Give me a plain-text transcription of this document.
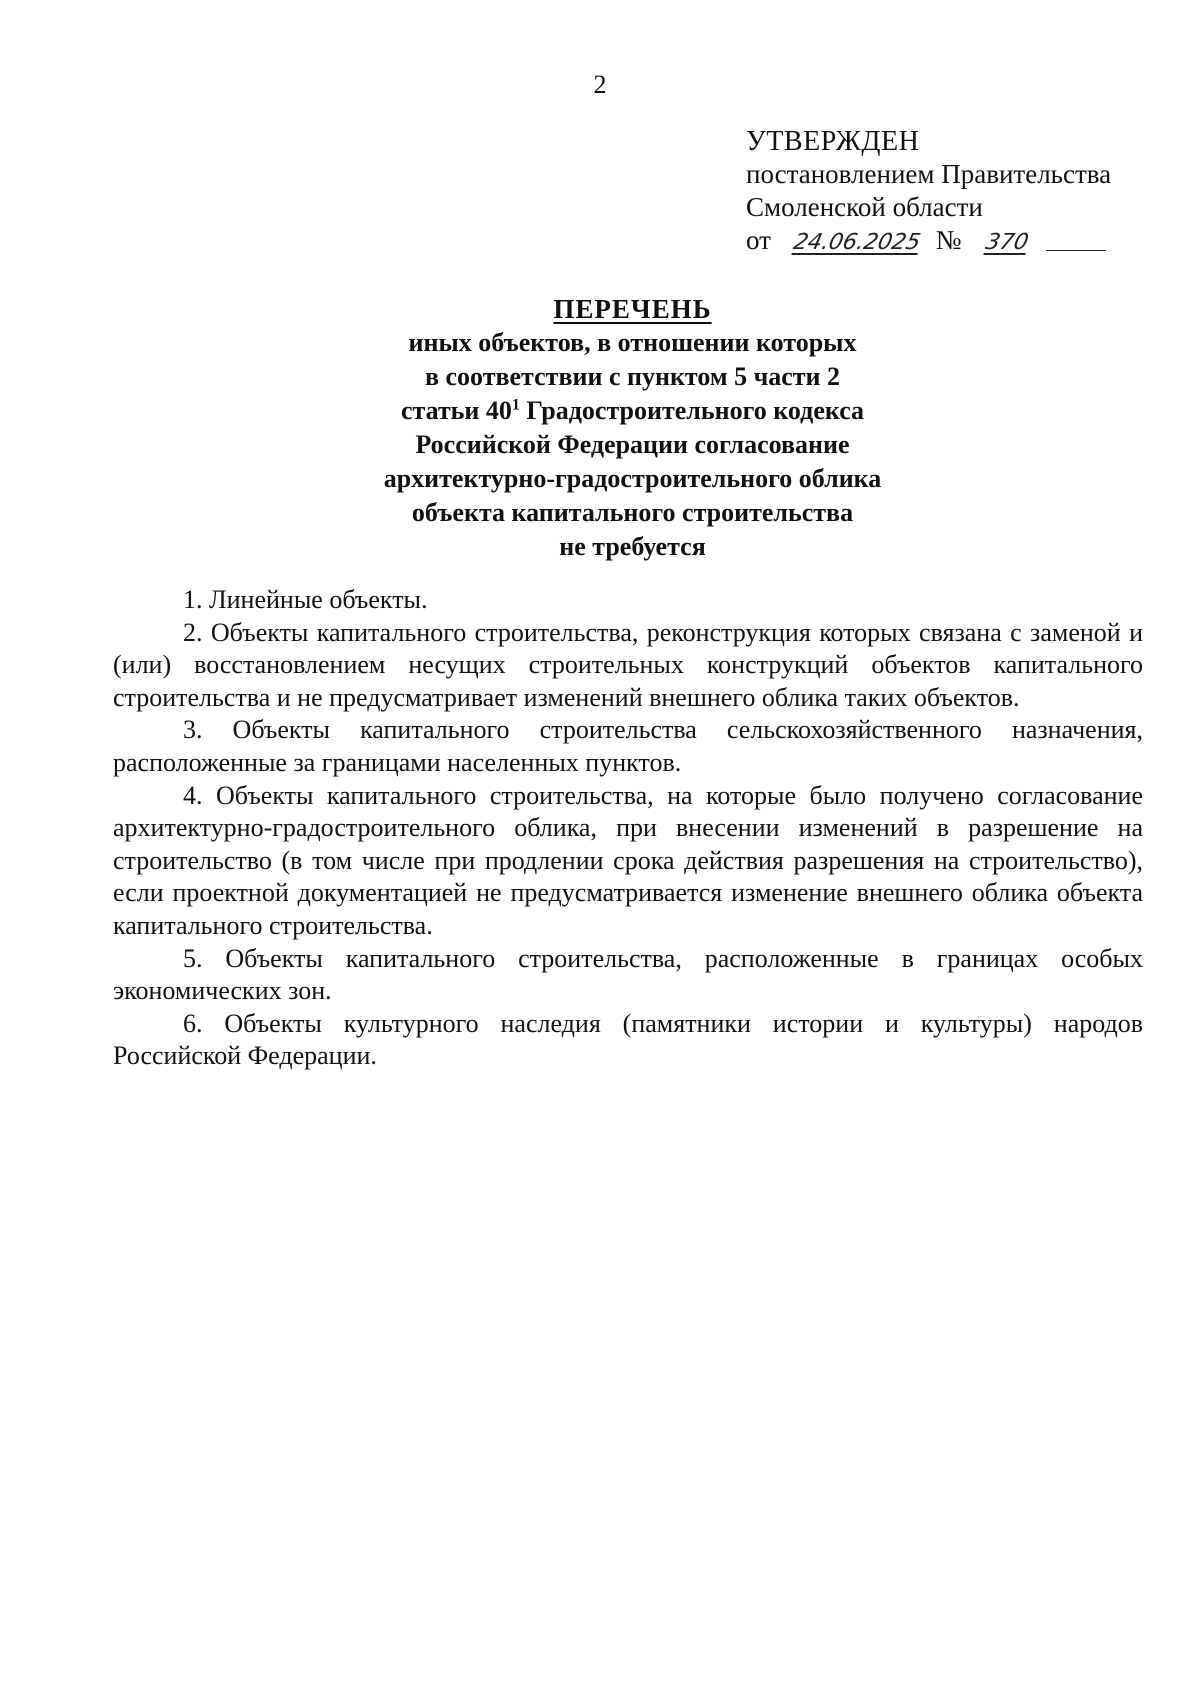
2
УТВЕРЖДЕН
постановлением Правительства
Смоленской области
от 24.06.2025 № 370
ПЕРЕЧЕНЬ
иных объектов, в отношении которых
в соответствии с пунктом 5 части 2
статьи $40^1$ Градостроительного кодекса
Российской Федерации согласование
архитектурно-градостроительного облика
объекта капитального строительства
не требуется

1. Линейные объекты.

2. Объекты капитального строительства, реконструкция которых связана с заменой и (или) восстановлением несущих строительных конструкций объектов капитального строительства и не предусматривает изменений внешнего облика таких объектов.

3. Объекты капитального строительства сельскохозяйственного назначения, расположенные за границами населенных пунктов.

4. Объекты капитального строительства, на которые было получено согласование архитектурно-градостроительного облика, при внесении изменений в разрешение на строительство (в том числе при продлении срока действия разрешения на строительство), если проектной документацией не предусматривается изменение внешнего облика объекта капитального строительства.

5. Объекты капитального строительства, расположенные в границах особых экономических зон.

6. Объекты культурного наследия (памятники истории и культуры) народов Российской Федерации.
